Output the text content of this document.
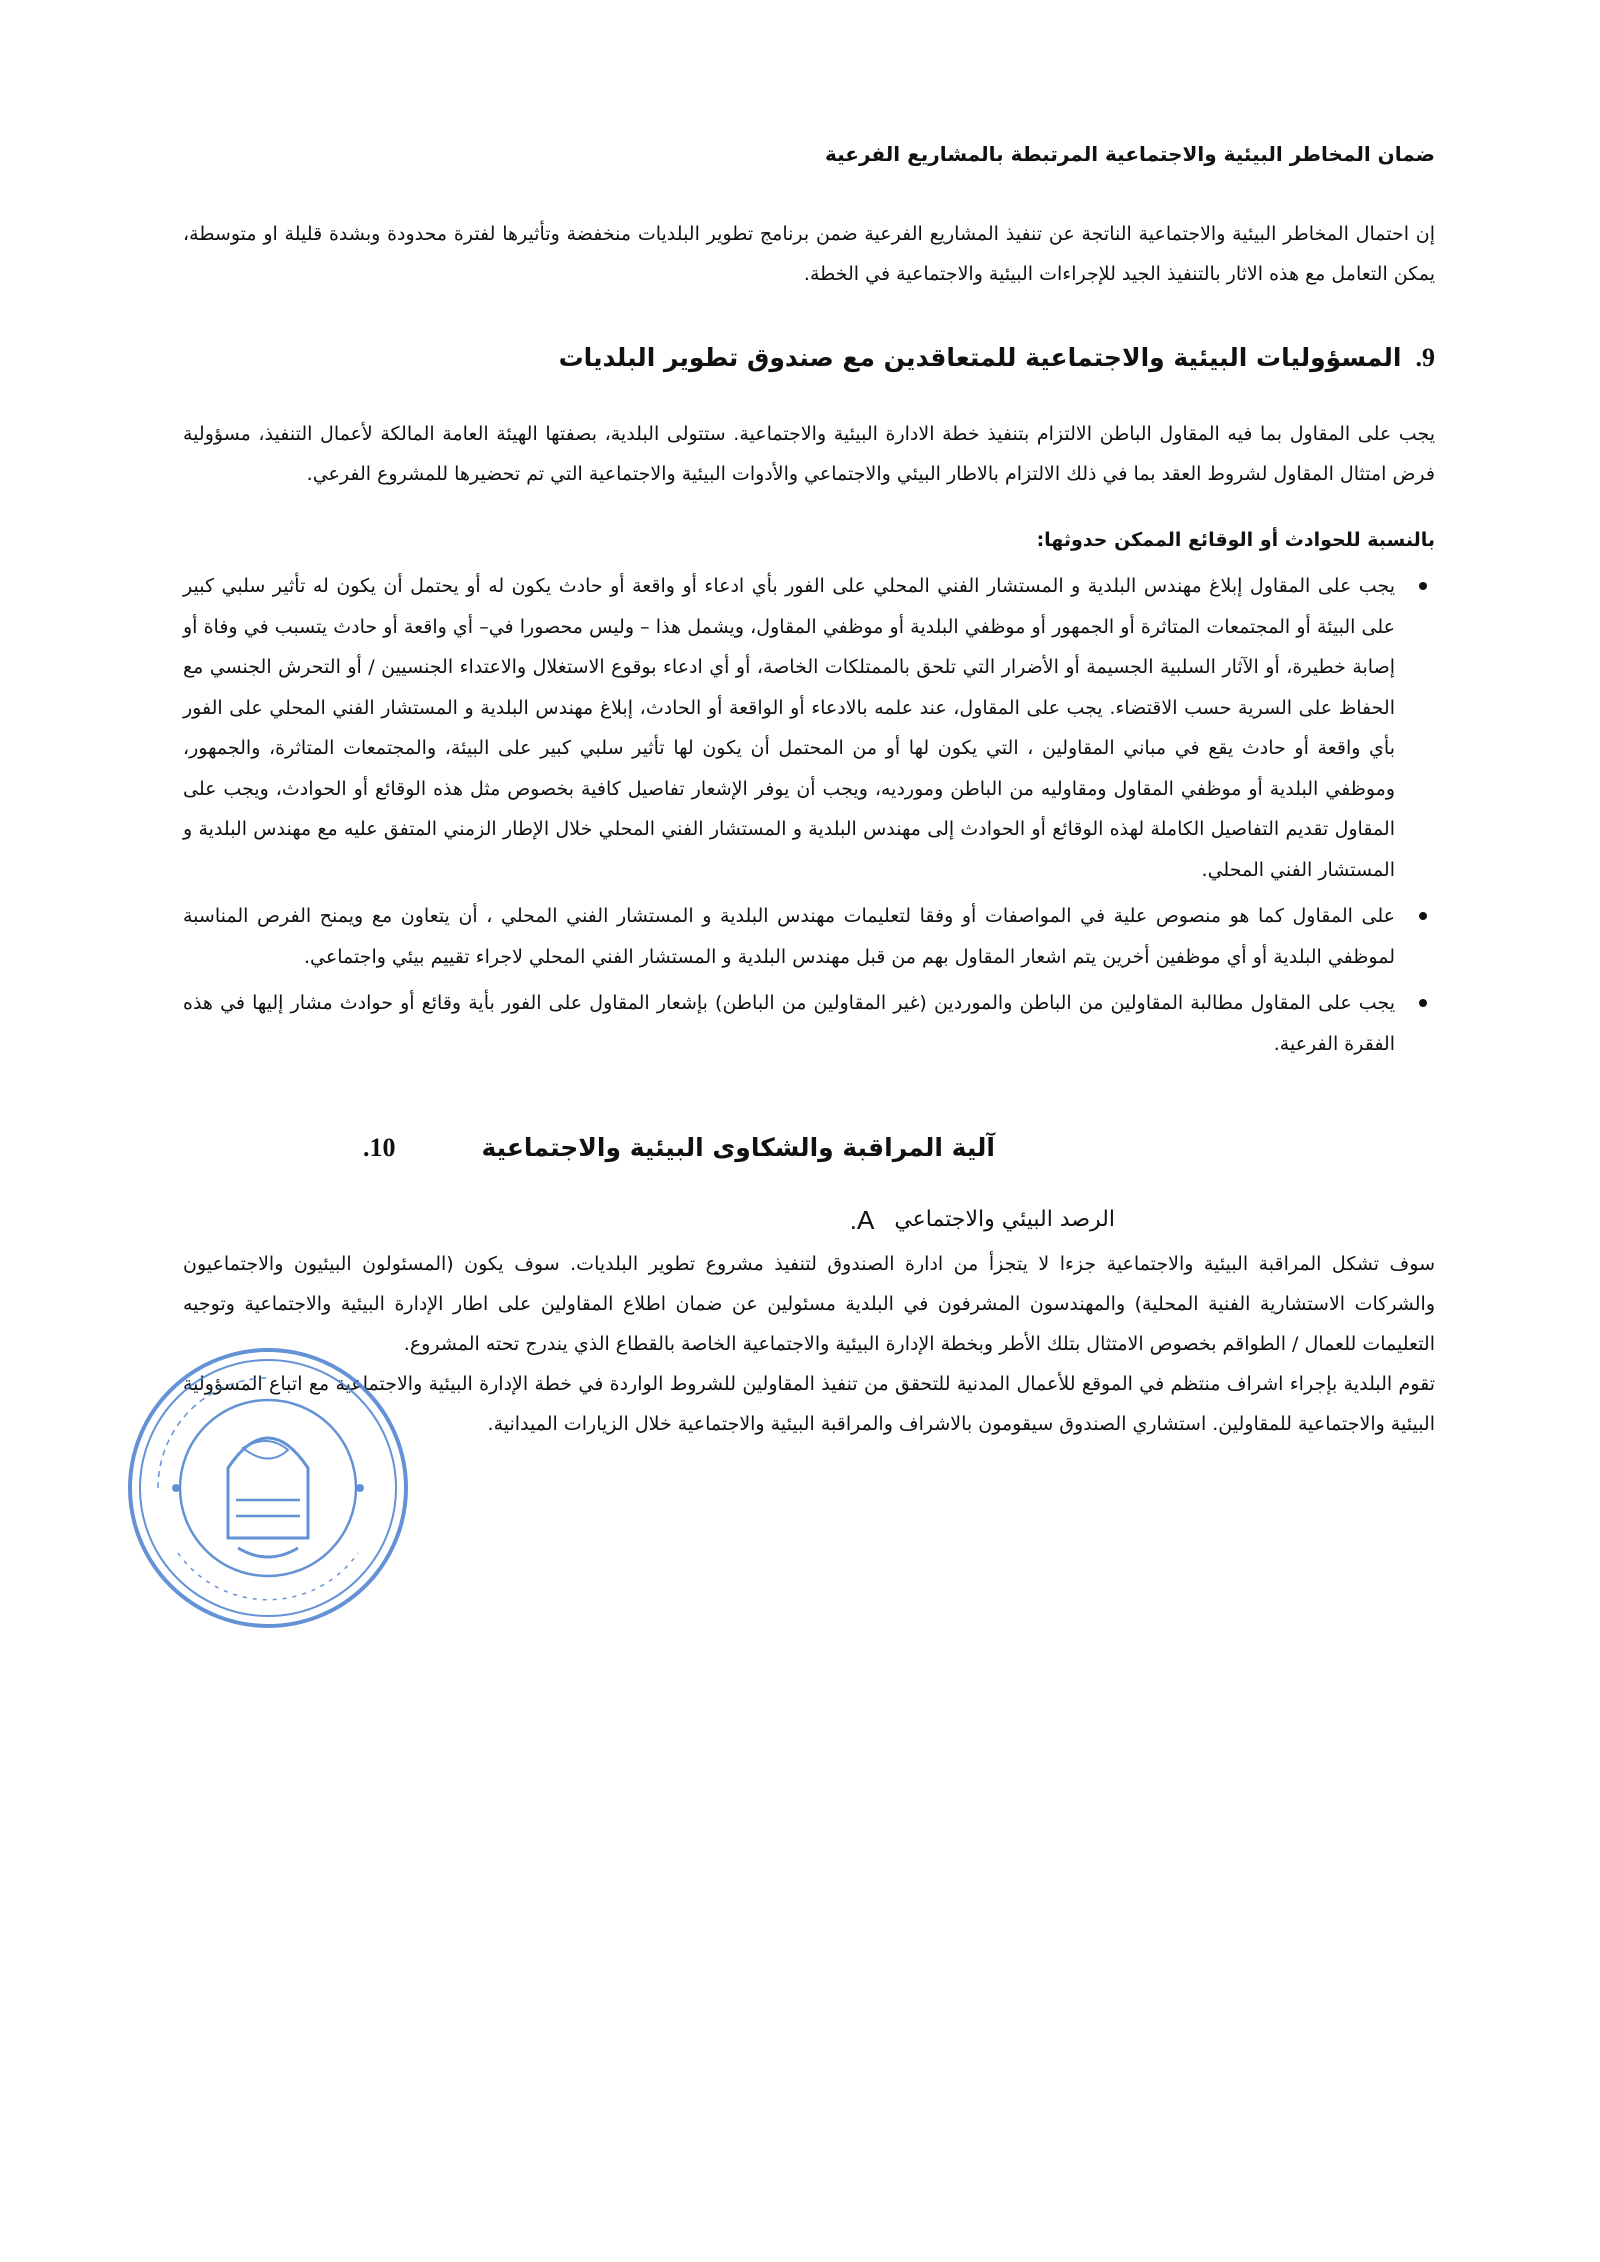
ضمان المخاطر البيئية والاجتماعية المرتبطة بالمشاريع الفرعية

إن احتمال المخاطر البيئية والاجتماعية الناتجة عن تنفيذ المشاريع الفرعية ضمن برنامج تطوير البلديات منخفضة وتأثيرها لفترة محدودة وبشدة قليلة او متوسطة، يمكن التعامل مع هذه الاثار بالتنفيذ الجيد للإجراءات البيئية والاجتماعية في الخطة.

9.
المسؤوليات البيئية والاجتماعية للمتعاقدين مع صندوق تطوير البلديات

يجب على المقاول بما فيه المقاول الباطن الالتزام بتنفيذ خطة الادارة البيئية والاجتماعية. ستتولى البلدية، بصفتها الهيئة العامة المالكة لأعمال التنفيذ، مسؤولية فرض امتثال المقاول لشروط العقد بما في ذلك الالتزام بالاطار البيئي والاجتماعي والأدوات البيئية والاجتماعية التي تم تحضيرها للمشروع الفرعي.

بالنسبة للحوادث أو الوقائع الممكن حدوثها:

يجب على المقاول إبلاغ مهندس البلدية و المستشار الفني المحلي على الفور بأي ادعاء أو واقعة أو حادث يكون له أو يحتمل أن يكون له تأثير سلبي كبير على البيئة أو المجتمعات المتاثرة أو الجمهور أو موظفي البلدية أو موظفي المقاول، ويشمل هذا – وليس محصورا في– أي واقعة أو حادث يتسبب في وفاة أو إصابة خطيرة، أو الآثار السلبية الجسيمة أو الأضرار التي تلحق بالممتلكات الخاصة، أو أي ادعاء بوقوع الاستغلال والاعتداء الجنسيين / أو التحرش الجنسي مع الحفاظ على السرية حسب الاقتضاء. يجب على المقاول، عند علمه بالادعاء أو الواقعة أو الحادث، إبلاغ مهندس البلدية و المستشار الفني المحلي على الفور بأي واقعة أو حادث يقع في مباني المقاولين ، التي يكون لها أو من المحتمل أن يكون لها تأثير سلبي كبير على البيئة، والمجتمعات المتاثرة، والجمهور، وموظفي البلدية أو موظفي المقاول ومقاوليه من الباطن ومورديه، ويجب أن يوفر الإشعار تفاصيل كافية بخصوص مثل هذه الوقائع أو الحوادث، ويجب على المقاول تقديم التفاصيل الكاملة لهذه الوقائع أو الحوادث إلى مهندس البلدية و المستشار الفني المحلي خلال الإطار الزمني المتفق عليه مع مهندس البلدية و المستشار الفني المحلي.
على المقاول كما هو منصوص علية في المواصفات أو وفقا لتعليمات مهندس البلدية و المستشار الفني المحلي ، أن يتعاون مع ويمنح الفرص المناسبة لموظفي البلدية أو أي موظفين أخرين يتم اشعار المقاول بهم من قبل مهندس البلدية و المستشار الفني المحلي لاجراء تقييم بيئي واجتماعي.
يجب على المقاول مطالبة المقاولين من الباطن والموردين (غير المقاولين من الباطن) بإشعار المقاول على الفور بأية وقائع أو حوادث مشار إليها في هذه الفقرة الفرعية.
آلية المراقبة والشكاوى البيئية والاجتماعية
10.
الرصد البيئي والاجتماعي
A.

سوف تشكل المراقبة البيئية والاجتماعية جزءا لا يتجزأ من ادارة الصندوق لتنفيذ مشروع تطوير البلديات. سوف يكون (المسئولون البيئيون والاجتماعيون والشركات الاستشارية الفنية المحلية) والمهندسون المشرفون في البلدية مسئولين عن ضمان اطلاع المقاولين على اطار الإدارة البيئية والاجتماعية وتوجيه التعليمات للعمال / الطواقم بخصوص الامتثال بتلك الأطر وبخطة الإدارة البيئية والاجتماعية الخاصة بالقطاع الذي يندرج تحته المشروع.

تقوم البلدية بإجراء اشراف منتظم في الموقع للأعمال المدنية للتحقق من تنفيذ المقاولين للشروط الواردة في خطة الإدارة البيئية والاجتماعية مع اتباع المسؤولية البيئية والاجتماعية للمقاولين. استشاري الصندوق سيقومون بالاشراف والمراقبة البيئية والاجتماعية خلال الزيارات الميدانية.
